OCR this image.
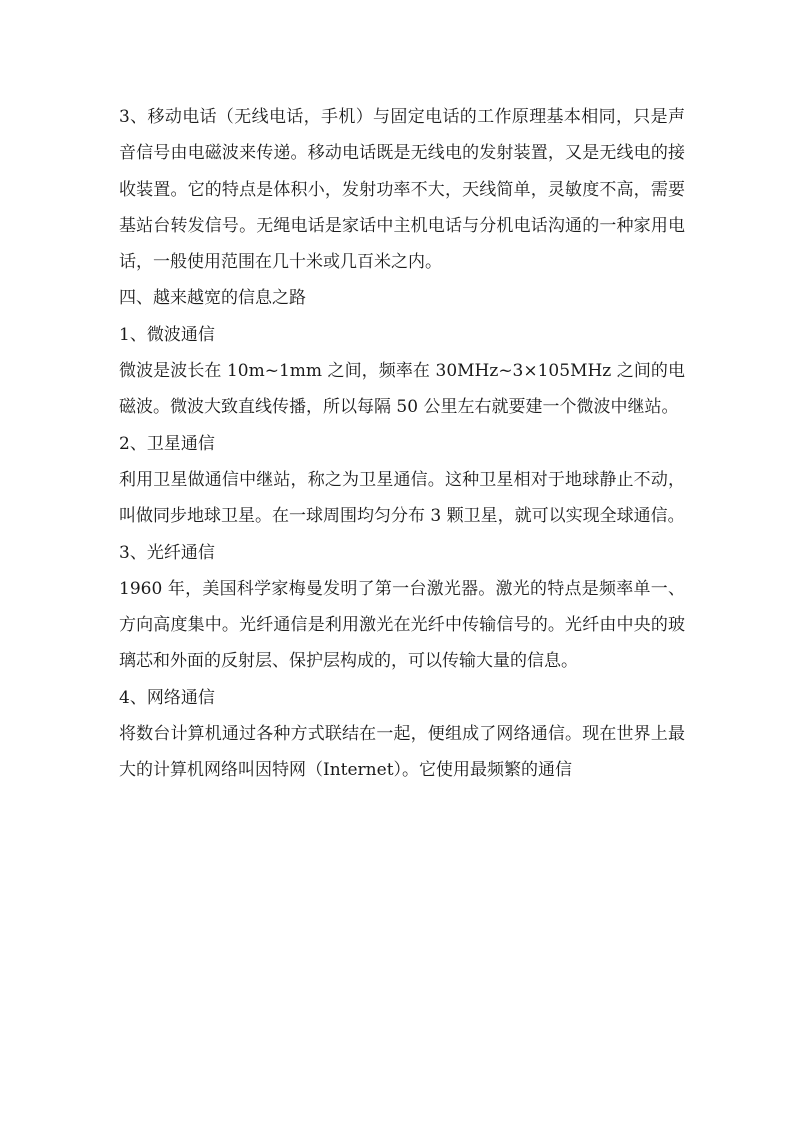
3、移动电话（无线电话，手机）与固定电话的工作原理基本相同，只是声音信号由电磁波来传递。移动电话既是无线电的发射装置，又是无线电的接收装置。它的特点是体积小，发射功率不大，天线简单，灵敏度不高，需要基站台转发信号。无绳电话是家话中主机电话与分机电话沟通的一种家用电话，一般使用范围在几十米或几百米之内。

四、越来越宽的信息之路

1、微波通信

微波是波长在 10m~1mm 之间，频率在 30MHz~3×105MHz 之间的电磁波。微波大致直线传播，所以每隔 50 公里左右就要建一个微波中继站。

2、卫星通信

利用卫星做通信中继站，称之为卫星通信。这种卫星相对于地球静止不动，叫做同步地球卫星。在一球周围均匀分布 3 颗卫星，就可以实现全球通信。

3、光纤通信

1960 年，美国科学家梅曼发明了第一台激光器。激光的特点是频率单一、方向高度集中。光纤通信是利用激光在光纤中传输信号的。光纤由中央的玻璃芯和外面的反射层、保护层构成的，可以传输大量的信息。

4、网络通信

将数台计算机通过各种方式联结在一起，便组成了网络通信。现在世界上最大的计算机网络叫因特网（Internet）。它使用最频繁的通信
